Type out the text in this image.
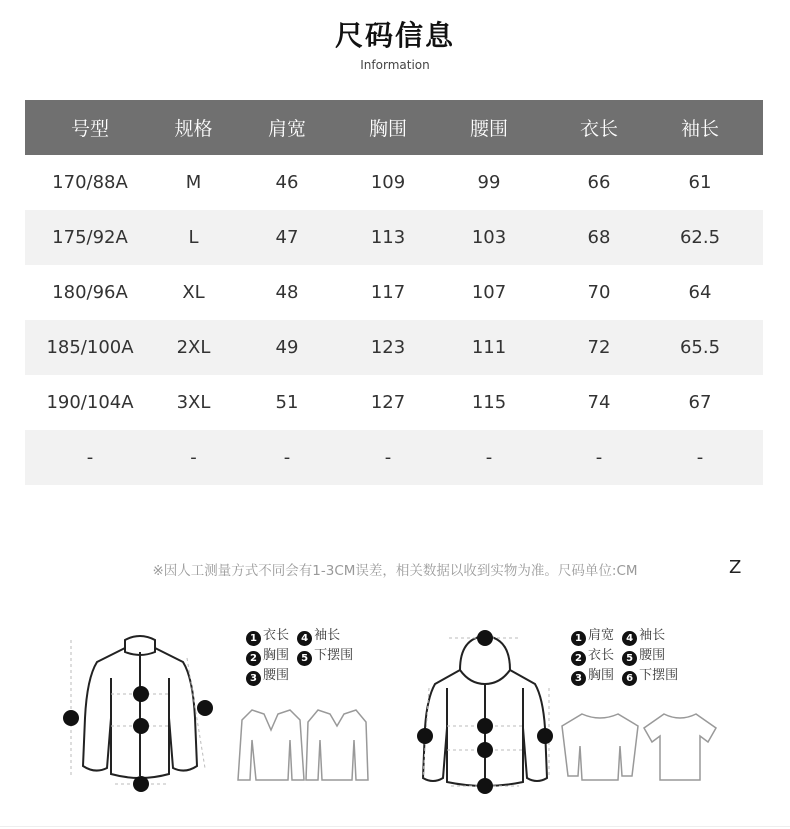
尺码信息
Information
号型	规格	肩宽	胸围	腰围	衣长	袖长
170/88A	M	46	109	99	66	61
175/92A	L	47	113	103	68	62.5
180/96A	XL	48	117	107	70	64
185/100A	2XL	49	123	111	72	65.5
190/104A	3XL	51	127	115	74	67
-	-	-	-	-	-	-
※因人工测量方式不同会有1-3CM误差，相关数据以收到实物为准。尺码单位:CM	Z
1 衣长 4 袖长
2 胸围 5 下摆围
3 腰围
1 肩宽 4 袖长
2 衣长 5 腰围
3 胸围 6 下摆围
